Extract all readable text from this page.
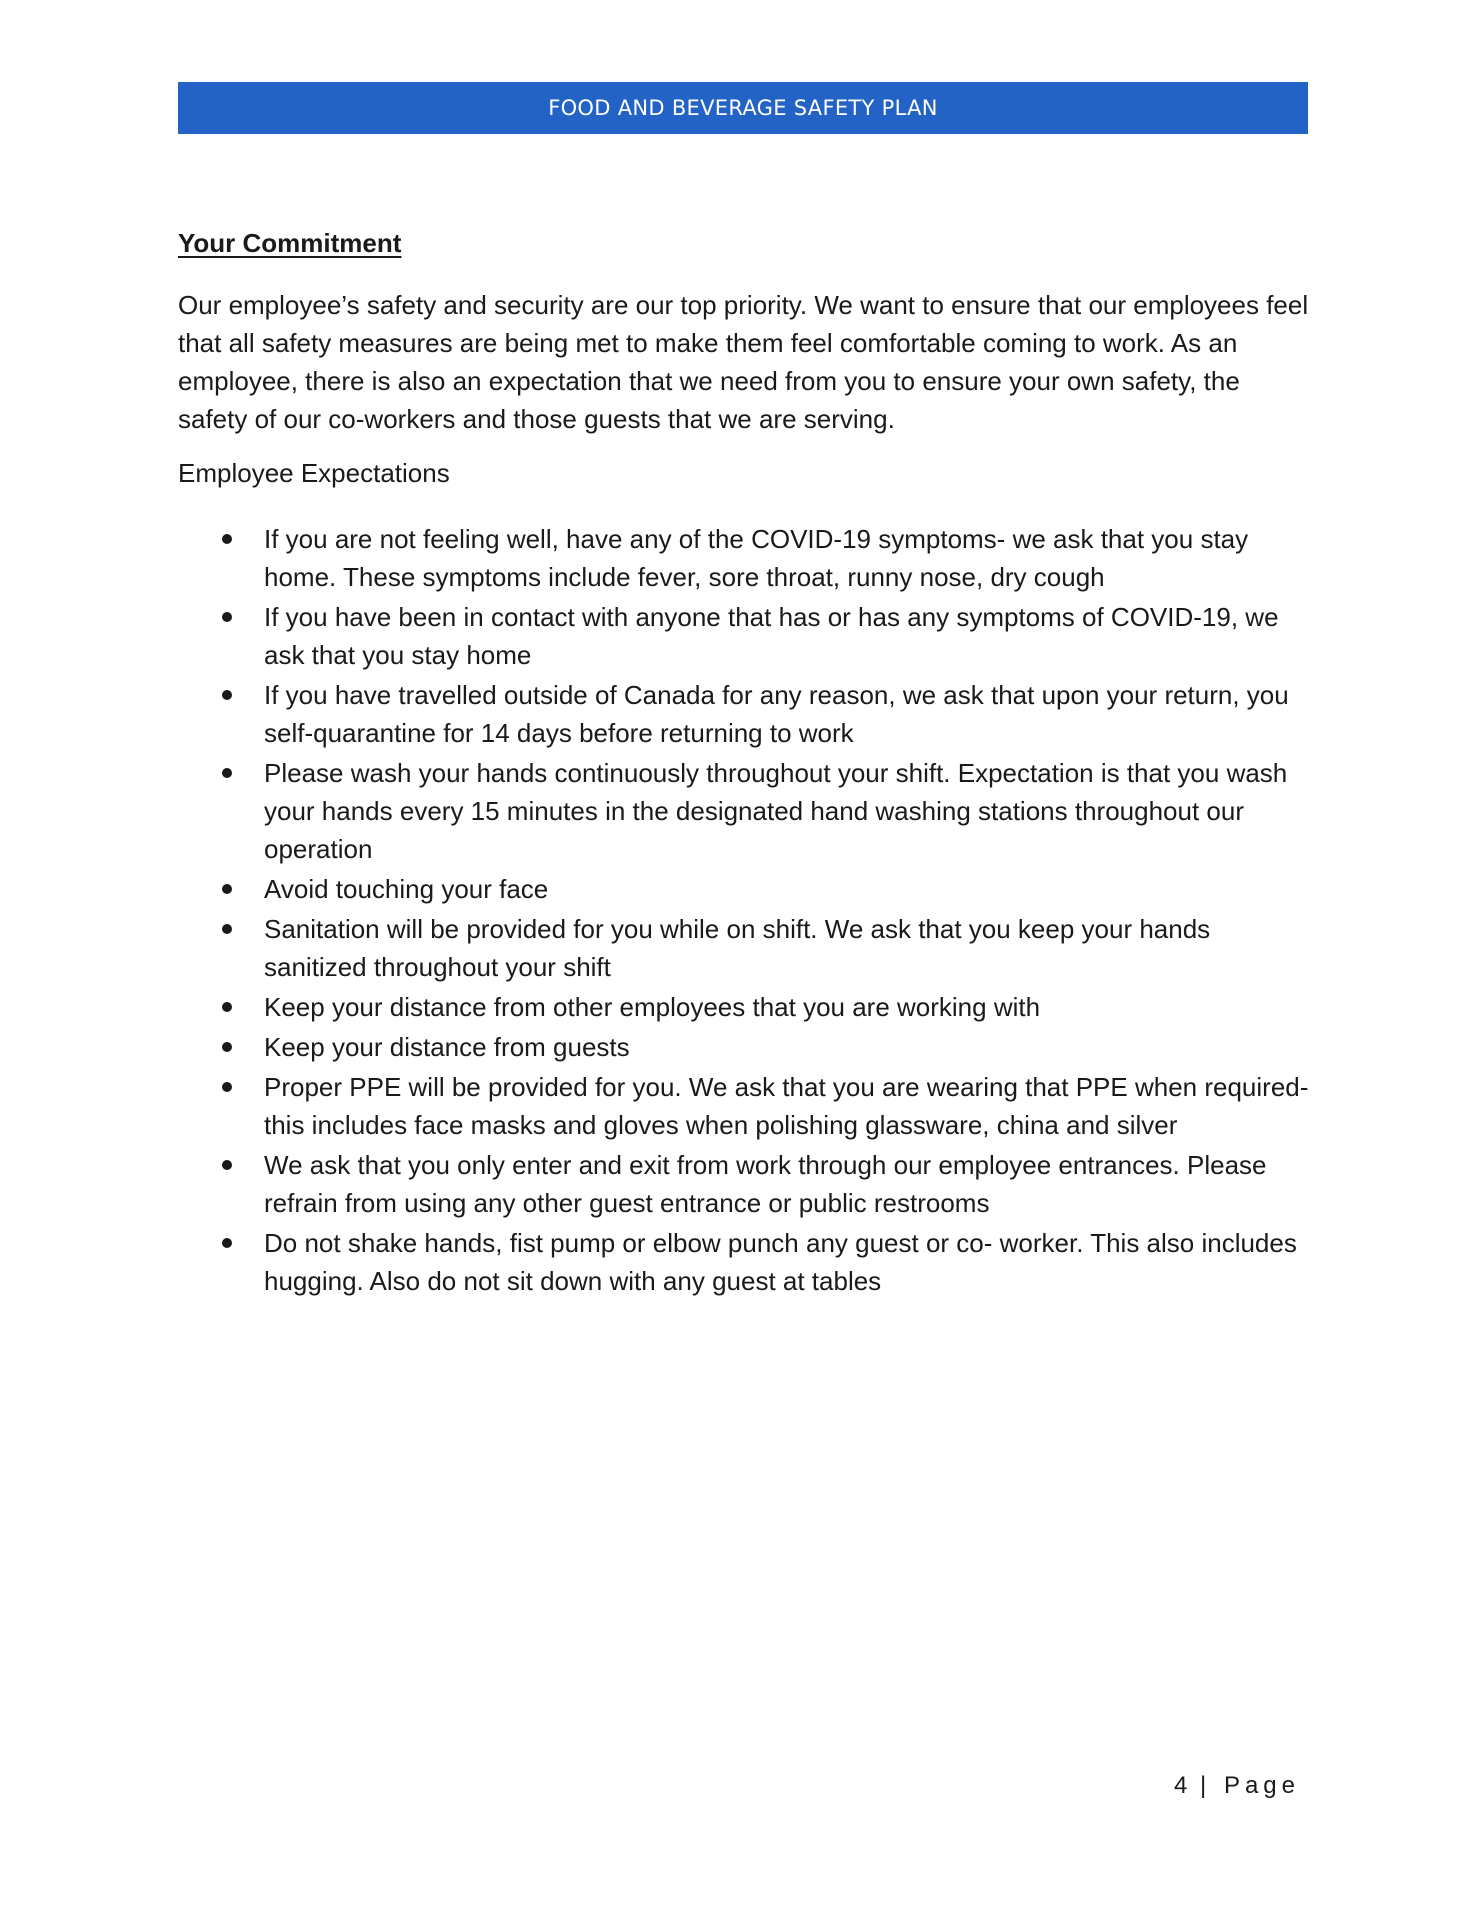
FOOD AND BEVERAGE SAFETY PLAN
Your Commitment

Our employee’s safety and security are our top priority. We want to ensure that our employees feel that all safety measures are being met to make them feel comfortable coming to work. As an employee, there is also an expectation that we need from you to ensure your own safety, the safety of our co-workers and those guests that we are serving.

Employee Expectations
If you are not feeling well, have any of the COVID-19 symptoms- we ask that you stay home. These symptoms include fever, sore throat, runny nose, dry cough
If you have been in contact with anyone that has or has any symptoms of COVID-19, we ask that you stay home
If you have travelled outside of Canada for any reason, we ask that upon your return, you self-quarantine for 14 days before returning to work
Please wash your hands continuously throughout your shift. Expectation is that you wash your hands every 15 minutes in the designated hand washing stations throughout our operation
Avoid touching your face
Sanitation will be provided for you while on shift. We ask that you keep your hands sanitized throughout your shift
Keep your distance from other employees that you are working with
Keep your distance from guests
Proper PPE will be provided for you. We ask that you are wearing that PPE when required- this includes face masks and gloves when polishing glassware, china and silver
We ask that you only enter and exit from work through our employee entrances. Please refrain from using any other guest entrance or public restrooms
Do not shake hands, fist pump or elbow punch any guest or co- worker. This also includes hugging. Also do not sit down with any guest at tables
4 | Page
